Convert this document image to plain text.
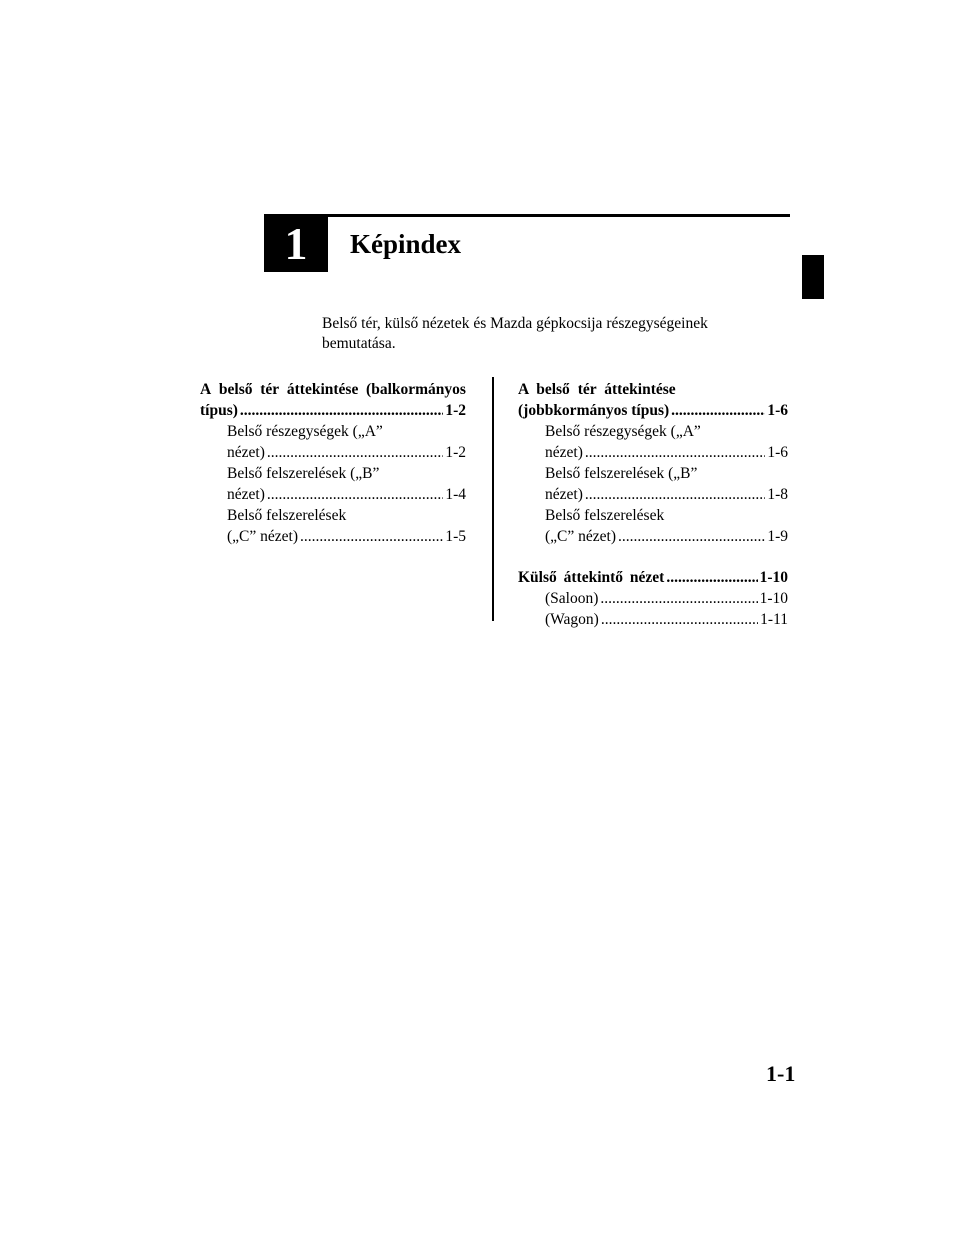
1	Képindex
Belső tér, külső nézetek és Mazda gépkocsija részegységeinek bemutatása.
A belső tér áttekintése (balkormányos
típus) .....	1-2
Belső részegységek („A”
nézet) .....	1-2
Belső felszerelések („B”
nézet) .....	1-4
Belső felszerelések
(„C” nézet) .....	1-5
A belső tér áttekintése
(jobbkormányos típus) .....	1-6
Belső részegységek („A”
nézet) .....	1-6
Belső felszerelések („B”
nézet) .....	1-8
Belső felszerelések
(„C” nézet) .....	1-9
Külső áttekintő nézet .....	1-10
(Saloon) .....	1-10
(Wagon) .....	1-11
1-1
